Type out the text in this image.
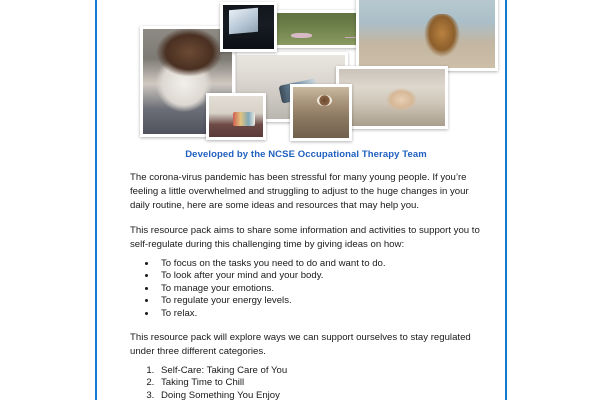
Developed by the NCSE Occupational Therapy Team

The corona-virus pandemic has been stressful for many young people. If you’re feeling a little overwhelmed and struggling to adjust to the huge changes in your daily routine, here are some ideas and resources that may help you.

This resource pack aims to share some information and activities to support you to self-regulate during this challenging time by giving ideas on how:

• To focus on the tasks you need to do and want to do.
• To look after your mind and your body.
• To manage your emotions.
• To regulate your energy levels.
• To relax.

This resource pack will explore ways we can support ourselves to stay regulated under three different categories.

1. Self-Care: Taking Care of You
2. Taking Time to Chill
3. Doing Something You Enjoy
